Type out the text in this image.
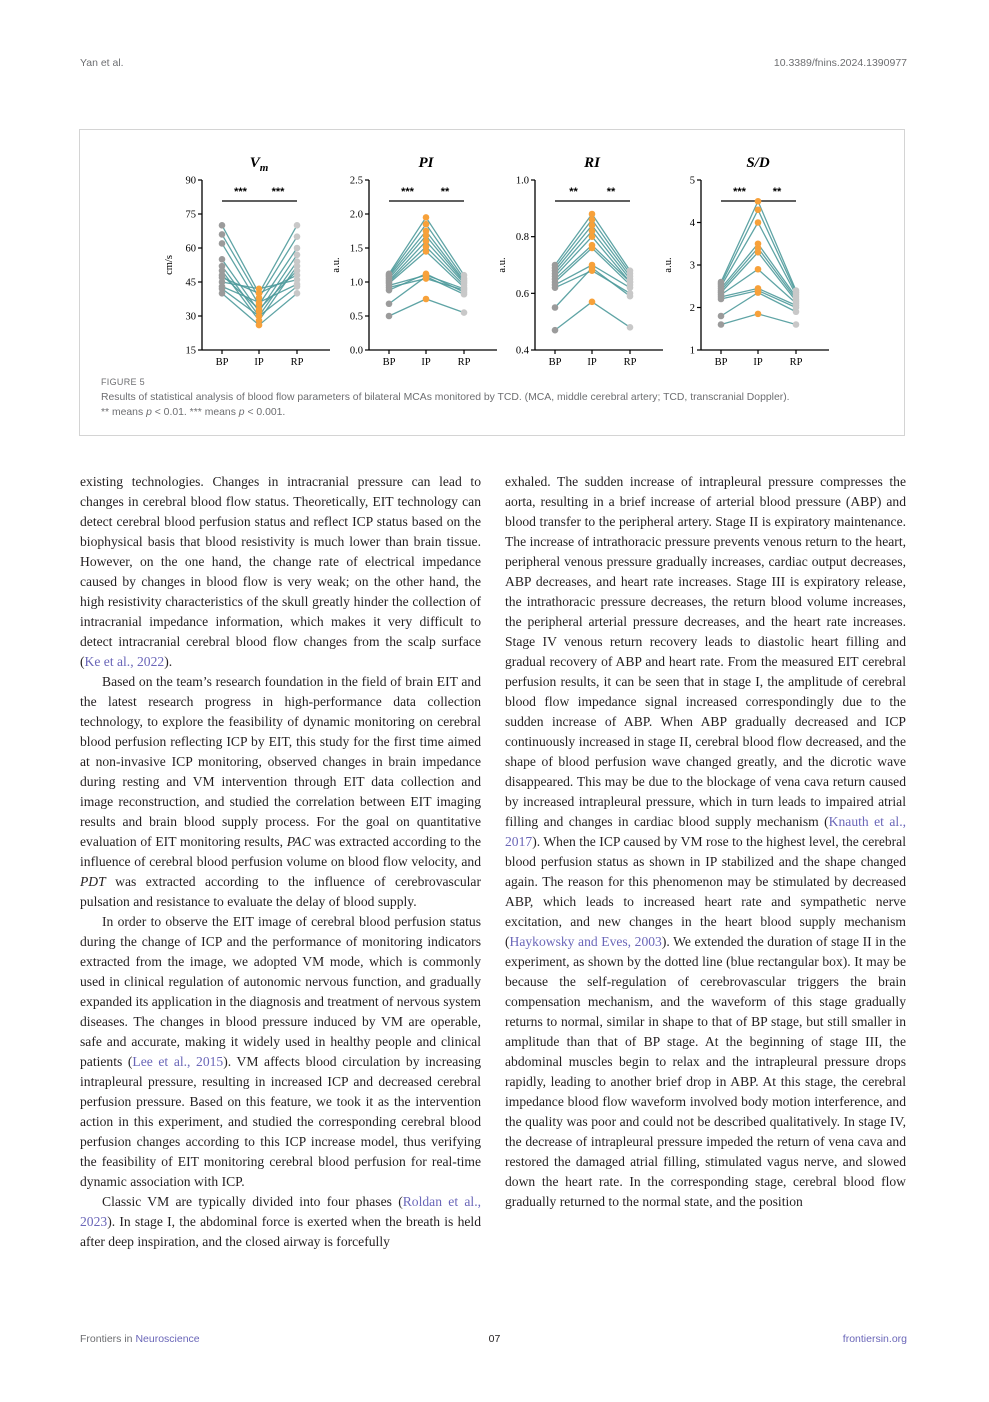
Yan et al.	10.3389/fnins.2024.1390977
$V_m$
15
30
45
60
75
90
cm/s
BP IP	RP
*** ***
PI
0.0
0.5
1.0
1.5
2.0
2.5
a.u.
BP IP	RP
*** **
RI
0.4
0.6
0.8
1.0
a.u.
BP IP	RP
**	**
S/D
1
2
3
4
5
a.u.
BP IP	RP
*** **
FIGURE 5
Results of statistical analysis of blood flow parameters of bilateral MCAs monitored by TCD. (MCA, middle cerebral artery; TCD, transcranial Doppler).
** means p < 0.01. *** means p < 0.001.

existing technologies. Changes in intracranial pressure can lead to changes in cerebral blood flow status. Theoretically, EIT technology can detect cerebral blood perfusion status and reflect ICP status based on the biophysical basis that blood resistivity is much lower than brain tissue. However, on the one hand, the change rate of electrical impedance caused by changes in blood flow is very weak; on the other hand, the high resistivity characteristics of the skull greatly hinder the collection of intracranial impedance information, which makes it very difficult to detect intracranial cerebral blood flow changes from the scalp surface (Ke et al., 2022).

Based on the team’s research foundation in the field of brain EIT and the latest research progress in high-performance data collection technology, to explore the feasibility of dynamic monitoring on cerebral blood perfusion reflecting ICP by EIT, this study for the first time aimed at non-invasive ICP monitoring, observed changes in brain impedance during resting and VM intervention through EIT data collection and image reconstruction, and studied the correlation between EIT imaging results and brain blood supply process. For the goal on quantitative evaluation of EIT monitoring results, PAC was extracted according to the influence of cerebral blood perfusion volume on blood flow velocity, and PDT was extracted according to the influence of cerebrovascular pulsation and resistance to evaluate the delay of blood supply.

In order to observe the EIT image of cerebral blood perfusion status during the change of ICP and the performance of monitoring indicators extracted from the image, we adopted VM mode, which is commonly used in clinical regulation of autonomic nervous function, and gradually expanded its application in the diagnosis and treatment of nervous system diseases. The changes in blood pressure induced by VM are operable, safe and accurate, making it widely used in healthy people and clinical patients (Lee et al., 2015). VM affects blood circulation by increasing intrapleural pressure, resulting in increased ICP and decreased cerebral perfusion pressure. Based on this feature, we took it as the intervention action in this experiment, and studied the corresponding cerebral blood perfusion changes according to this ICP increase model, thus verifying the feasibility of EIT monitoring cerebral blood perfusion for real-time dynamic association with ICP.

Classic VM are typically divided into four phases (Roldan et al., 2023). In stage I, the abdominal force is exerted when the breath is held after deep inspiration, and the closed airway is forcefully

exhaled. The sudden increase of intrapleural pressure compresses the aorta, resulting in a brief increase of arterial blood pressure (ABP) and blood transfer to the peripheral artery. Stage II is expiratory maintenance. The increase of intrathoracic pressure prevents venous return to the heart, peripheral venous pressure gradually increases, cardiac output decreases, ABP decreases, and heart rate increases. Stage III is expiratory release, the intrathoracic pressure decreases, the return blood volume increases, the peripheral arterial pressure decreases, and the heart rate increases. Stage IV venous return recovery leads to diastolic heart filling and gradual recovery of ABP and heart rate. From the measured EIT cerebral perfusion results, it can be seen that in stage I, the amplitude of cerebral blood flow impedance signal increased correspondingly due to the sudden increase of ABP. When ABP gradually decreased and ICP continuously increased in stage II, cerebral blood flow decreased, and the shape of blood perfusion wave changed greatly, and the dicrotic wave disappeared. This may be due to the blockage of vena cava return caused by increased intrapleural pressure, which in turn leads to impaired atrial filling and changes in cardiac blood supply mechanism (Knauth et al., 2017). When the ICP caused by VM rose to the highest level, the cerebral blood perfusion status as shown in IP stabilized and the shape changed again. The reason for this phenomenon may be stimulated by decreased ABP, which leads to increased heart rate and sympathetic nerve excitation, and new changes in the heart blood supply mechanism (Haykowsky and Eves, 2003). We extended the duration of stage II in the experiment, as shown by the dotted line (blue rectangular box). It may be because the self-regulation of cerebrovascular triggers the brain compensation mechanism, and the waveform of this stage gradually returns to normal, similar in shape to that of BP stage, but still smaller in amplitude than that of BP stage. At the beginning of stage III, the abdominal muscles begin to relax and the intrapleural pressure drops rapidly, leading to another brief drop in ABP. At this stage, the cerebral impedance blood flow waveform involved body motion interference, and the quality was poor and could not be described qualitatively. In stage IV, the decrease of intrapleural pressure impeded the return of vena cava and restored the damaged atrial filling, stimulated vagus nerve, and slowed down the heart rate. In the corresponding stage, cerebral blood flow gradually returned to the normal state, and the position

Frontiers in Neuroscience	07	frontiersin.org
